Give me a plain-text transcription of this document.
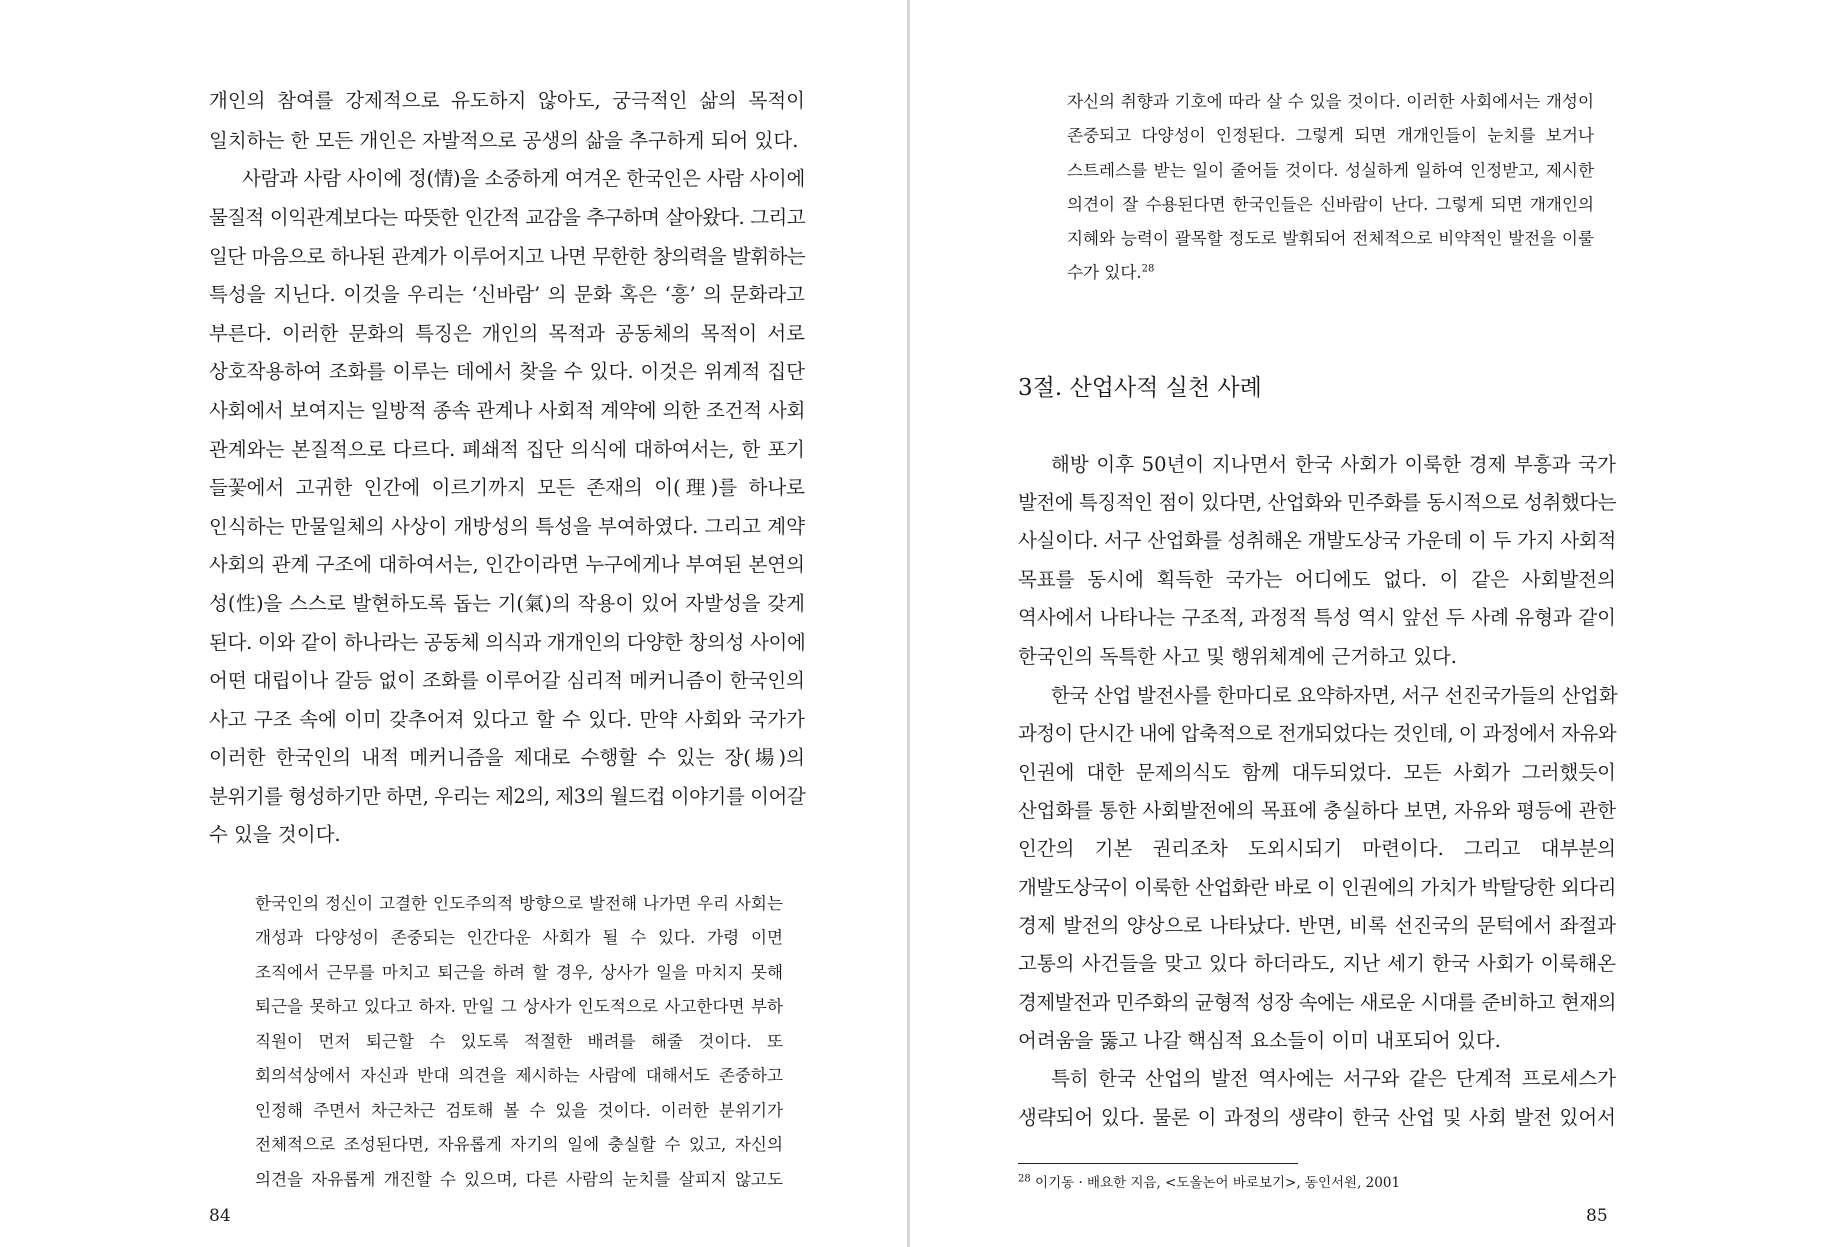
개인의 참여를 강제적으로 유도하지 않아도, 궁극적인 삶의 목적이
일치하는 한 모든 개인은 자발적으로 공생의 삶을 추구하게 되어 있다.
사람과 사람 사이에 정(情)을 소중하게 여겨온 한국인은 사람 사이에
물질적 이익관계보다는 따뜻한 인간적 교감을 추구하며 살아왔다. 그리고
일단 마음으로 하나된 관계가 이루어지고 나면 무한한 창의력을 발휘하는
특성을 지닌다. 이것을 우리는 ‘신바람’ 의 문화 혹은 ‘흥’ 의 문화라고
부른다. 이러한 문화의 특징은 개인의 목적과 공동체의 목적이 서로
상호작용하여 조화를 이루는 데에서 찾을 수 있다. 이것은 위계적 집단
사회에서 보여지는 일방적 종속 관계나 사회적 계약에 의한 조건적 사회
관계와는 본질적으로 다르다. 폐쇄적 집단 의식에 대하여서는, 한 포기
들꽃에서 고귀한 인간에 이르기까지 모든 존재의 이(理)를 하나로
인식하는 만물일체의 사상이 개방성의 특성을 부여하였다. 그리고 계약
사회의 관계 구조에 대하여서는, 인간이라면 누구에게나 부여된 본연의
성(性)을 스스로 발현하도록 돕는 기(氣)의 작용이 있어 자발성을 갖게
된다. 이와 같이 하나라는 공동체 의식과 개개인의 다양한 창의성 사이에
어떤 대립이나 갈등 없이 조화를 이루어갈 심리적 메커니즘이 한국인의
사고 구조 속에 이미 갖추어져 있다고 할 수 있다. 만약 사회와 국가가
이러한 한국인의 내적 메커니즘을 제대로 수행할 수 있는 장(場)의
분위기를 형성하기만 하면, 우리는 제2의, 제3의 월드컵 이야기를 이어갈
수 있을 것이다.
한국인의 정신이 고결한 인도주의적 방향으로 발전해 나가면 우리 사회는
개성과 다양성이 존중되는 인간다운 사회가 될 수 있다. 가령 이면
조직에서 근무를 마치고 퇴근을 하려 할 경우, 상사가 일을 마치지 못해
퇴근을 못하고 있다고 하자. 만일 그 상사가 인도적으로 사고한다면 부하
직원이 먼저 퇴근할 수 있도록 적절한 배려를 해줄 것이다. 또
회의석상에서 자신과 반대 의견을 제시하는 사람에 대해서도 존중하고
인정해 주면서 차근차근 검토해 볼 수 있을 것이다. 이러한 분위기가
전체적으로 조성된다면, 자유롭게 자기의 일에 충실할 수 있고, 자신의
의견을 자유롭게 개진할 수 있으며, 다른 사람의 눈치를 살피지 않고도
84
자신의 취향과 기호에 따라 살 수 있을 것이다. 이러한 사회에서는 개성이
존중되고 다양성이 인정된다. 그렇게 되면 개개인들이 눈치를 보거나
스트레스를 받는 일이 줄어들 것이다. 성실하게 일하여 인정받고, 제시한
의견이 잘 수용된다면 한국인들은 신바람이 난다. 그렇게 되면 개개인의
지혜와 능력이 괄목할 정도로 발휘되어 전체적으로 비약적인 발전을 이룰
수가 있다.$^{28}$
3절. 산업사적 실천 사례
해방 이후 50년이 지나면서 한국 사회가 이룩한 경제 부흥과 국가
발전에 특징적인 점이 있다면, 산업화와 민주화를 동시적으로 성취했다는
사실이다. 서구 산업화를 성취해온 개발도상국 가운데 이 두 가지 사회적
목표를 동시에 획득한 국가는 어디에도 없다. 이 같은 사회발전의
역사에서 나타나는 구조적, 과정적 특성 역시 앞선 두 사례 유형과 같이
한국인의 독특한 사고 및 행위체계에 근거하고 있다.
한국 산업 발전사를 한마디로 요약하자면, 서구 선진국가들의 산업화
과정이 단시간 내에 압축적으로 전개되었다는 것인데, 이 과정에서 자유와
인권에 대한 문제의식도 함께 대두되었다. 모든 사회가 그러했듯이
산업화를 통한 사회발전에의 목표에 충실하다 보면, 자유와 평등에 관한
인간의 기본 권리조차 도외시되기 마련이다. 그리고 대부분의
개발도상국이 이룩한 산업화란 바로 이 인권에의 가치가 박탈당한 외다리
경제 발전의 양상으로 나타났다. 반면, 비록 선진국의 문턱에서 좌절과
고통의 사건들을 맞고 있다 하더라도, 지난 세기 한국 사회가 이룩해온
경제발전과 민주화의 균형적 성장 속에는 새로운 시대를 준비하고 현재의
어려움을 뚫고 나갈 핵심적 요소들이 이미 내포되어 있다.
특히 한국 산업의 발전 역사에는 서구와 같은 단계적 프로세스가
생략되어 있다. 물론 이 과정의 생략이 한국 산업 및 사회 발전 있어서
$^{28}$ 이기동 · 배요한 지음, <도올논어 바로보기>, 동인서원, 2001
85
